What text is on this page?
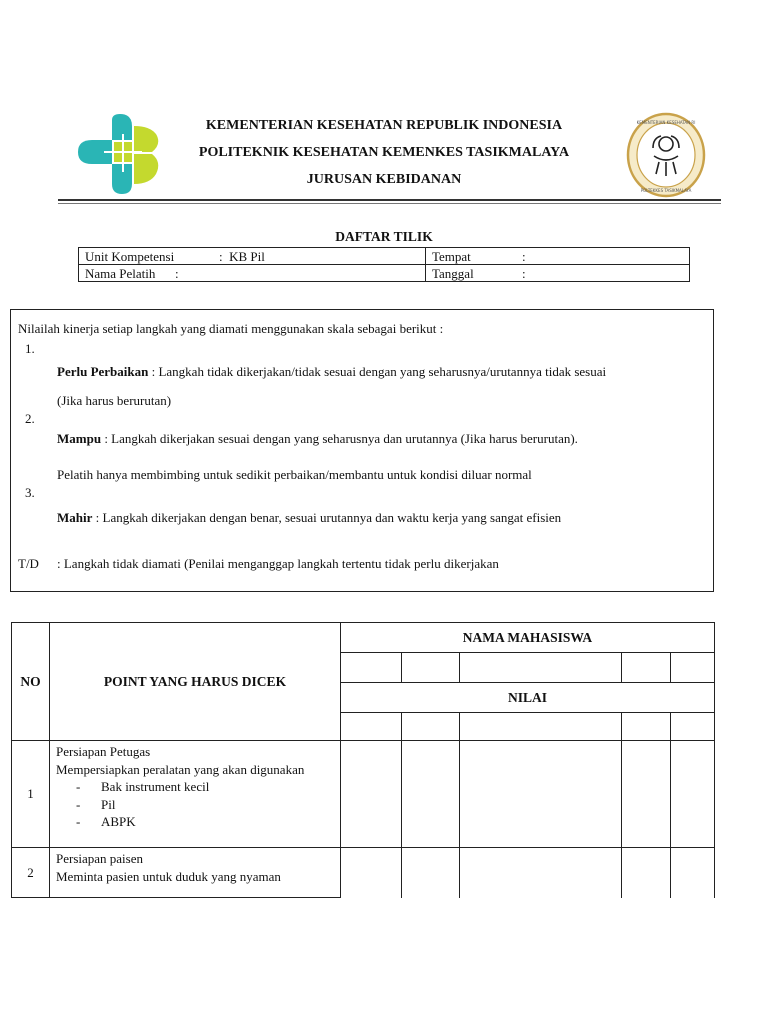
KEMENTERIAN KESEHATAN RI
POLTEKKES TASIKMALAYA
KEMENTERIAN KESEHATAN REPUBLIK INDONESIA
POLITEKNIK KESEHATAN KEMENKES TASIKMALAYA
JURUSAN KEBIDANAN
DAFTAR TILIK
Unit Kompetensi : KB Pil	Tempat :
Nama Pelatih :	Tanggal :
Nilailah kinerja setiap langkah yang diamati menggunakan skala sebagai berikut :
1.
Perlu Perbaikan : Langkah tidak dikerjakan/tidak sesuai dengan yang seharusnya/urutannya tidak sesuai
(Jika harus berurutan)
2.
Mampu : Langkah dikerjakan sesuai dengan yang seharusnya dan urutannya (Jika harus berurutan).
Pelatih hanya membimbing untuk sedikit perbaikan/membantu untuk kondisi diluar normal
3.
Mahir : Langkah dikerjakan dengan benar, sesuai urutannya dan waktu kerja yang sangat efisien
T/D : Langkah tidak diamati (Penilai menganggap langkah tertentu tidak perlu dikerjakan
NO	POINT YANG HARUS DICEK	NAMA MAHASISWA				

		NILAI				

1	Persiapan Petugas
Mempersiapkan peralatan yang akan digunakan
- Bak instrument kecil
- Pil
- ABPK					

2	Persiapan paisen
Meminta pasien untuk duduk yang nyaman					
